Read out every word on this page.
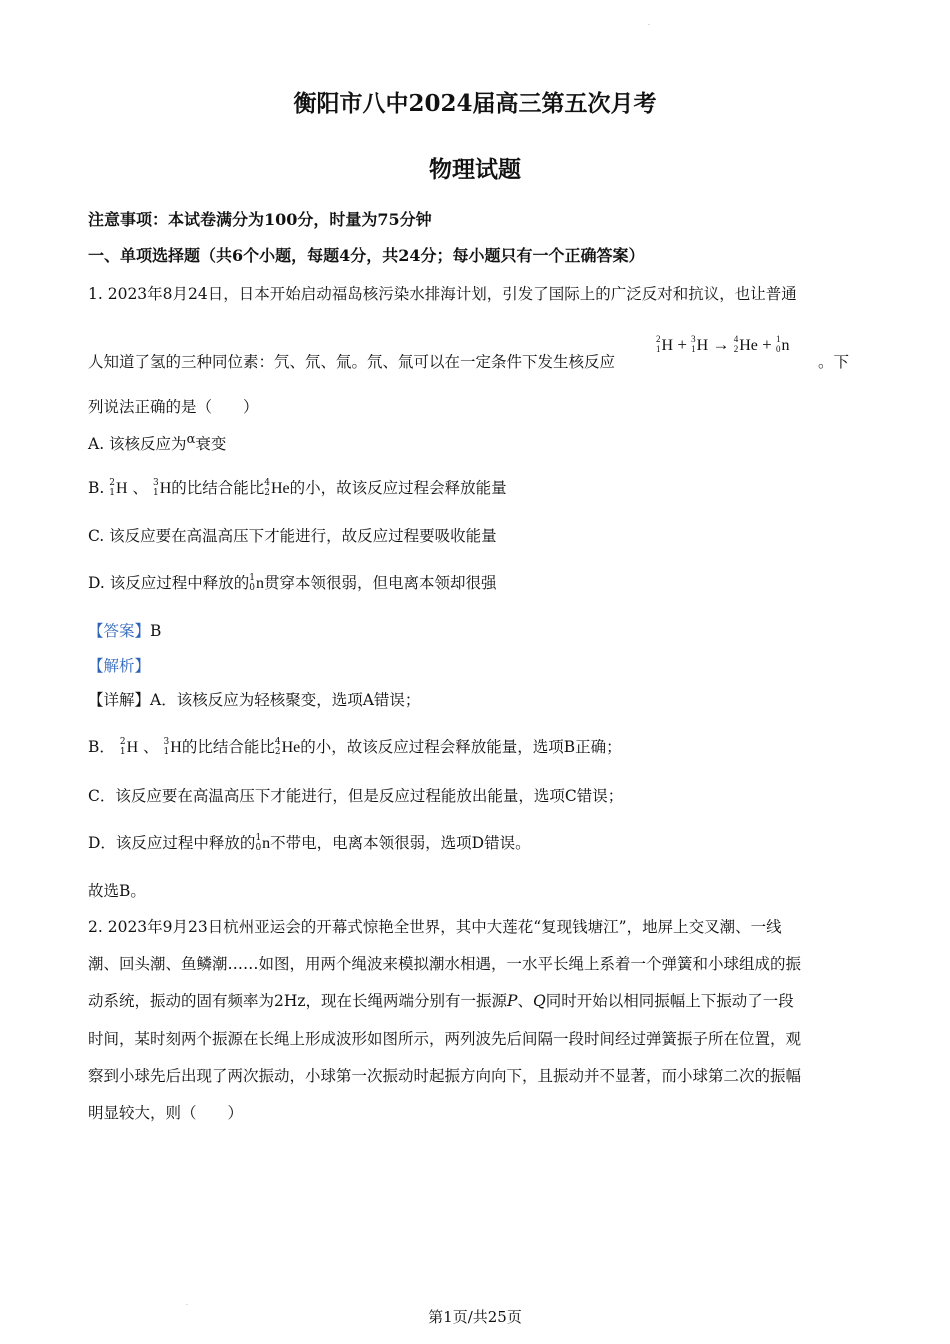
·
衡阳市八中2024届高三第五次月考
物理试题
注意事项：本试卷满分为100分，时量为75分钟
一、单项选择题（共6个小题，每题4分，共24分；每小题只有一个正确答案）
1. 2023年8月24日，日本开始启动福岛核污染水排海计划，引发了国际上的广泛反对和抗议，也让普通
人知道了氢的三种同位素：氕、氘、氚。氘、氚可以在一定条件下发生核反应
2
1 H + 3
1 H → 4
2 He + 1
0 n
。下
列说法正确的是（　　）
A. 该核反应为$^\alpha$衰变
B. 2
1 H 、 3
1 H的比结合能比 4
2 He的小，故该反应过程会释放能量
C. 该反应要在高温高压下才能进行，故反应过程要吸收能量
D. 该反应过程中释放的 1
0 n贯穿本领很弱，但电离本领却很强
【答案】B
【解析】
【详解】A．该核反应为轻核聚变，选项A错误；
B． 2
1 H 、 3
1 H的比结合能比 4
2 He的小，故该反应过程会释放能量，选项B正确；
C．该反应要在高温高压下才能进行，但是反应过程能放出能量，选项C错误；
D．该反应过程中释放的 1
0 n不带电，电离本领很弱，选项D错误。
故选B。
2. 2023年9月23日杭州亚运会的开幕式惊艳全世界，其中大莲花“复现钱塘江”，地屏上交叉潮、一线
潮、回头潮、鱼鳞潮……如图，用两个绳波来模拟潮水相遇，一水平长绳上系着一个弹簧和小球组成的振
动系统，振动的固有频率为2Hz，现在长绳两端分别有一振源P、Q同时开始以相同振幅上下振动了一段
时间，某时刻两个振源在长绳上形成波形如图所示，两列波先后间隔一段时间经过弹簧振子所在位置，观
察到小球先后出现了两次振动，小球第一次振动时起振方向向下，且振动并不显著，而小球第二次的振幅
明显较大，则（　　）
·
第1页/共25页
